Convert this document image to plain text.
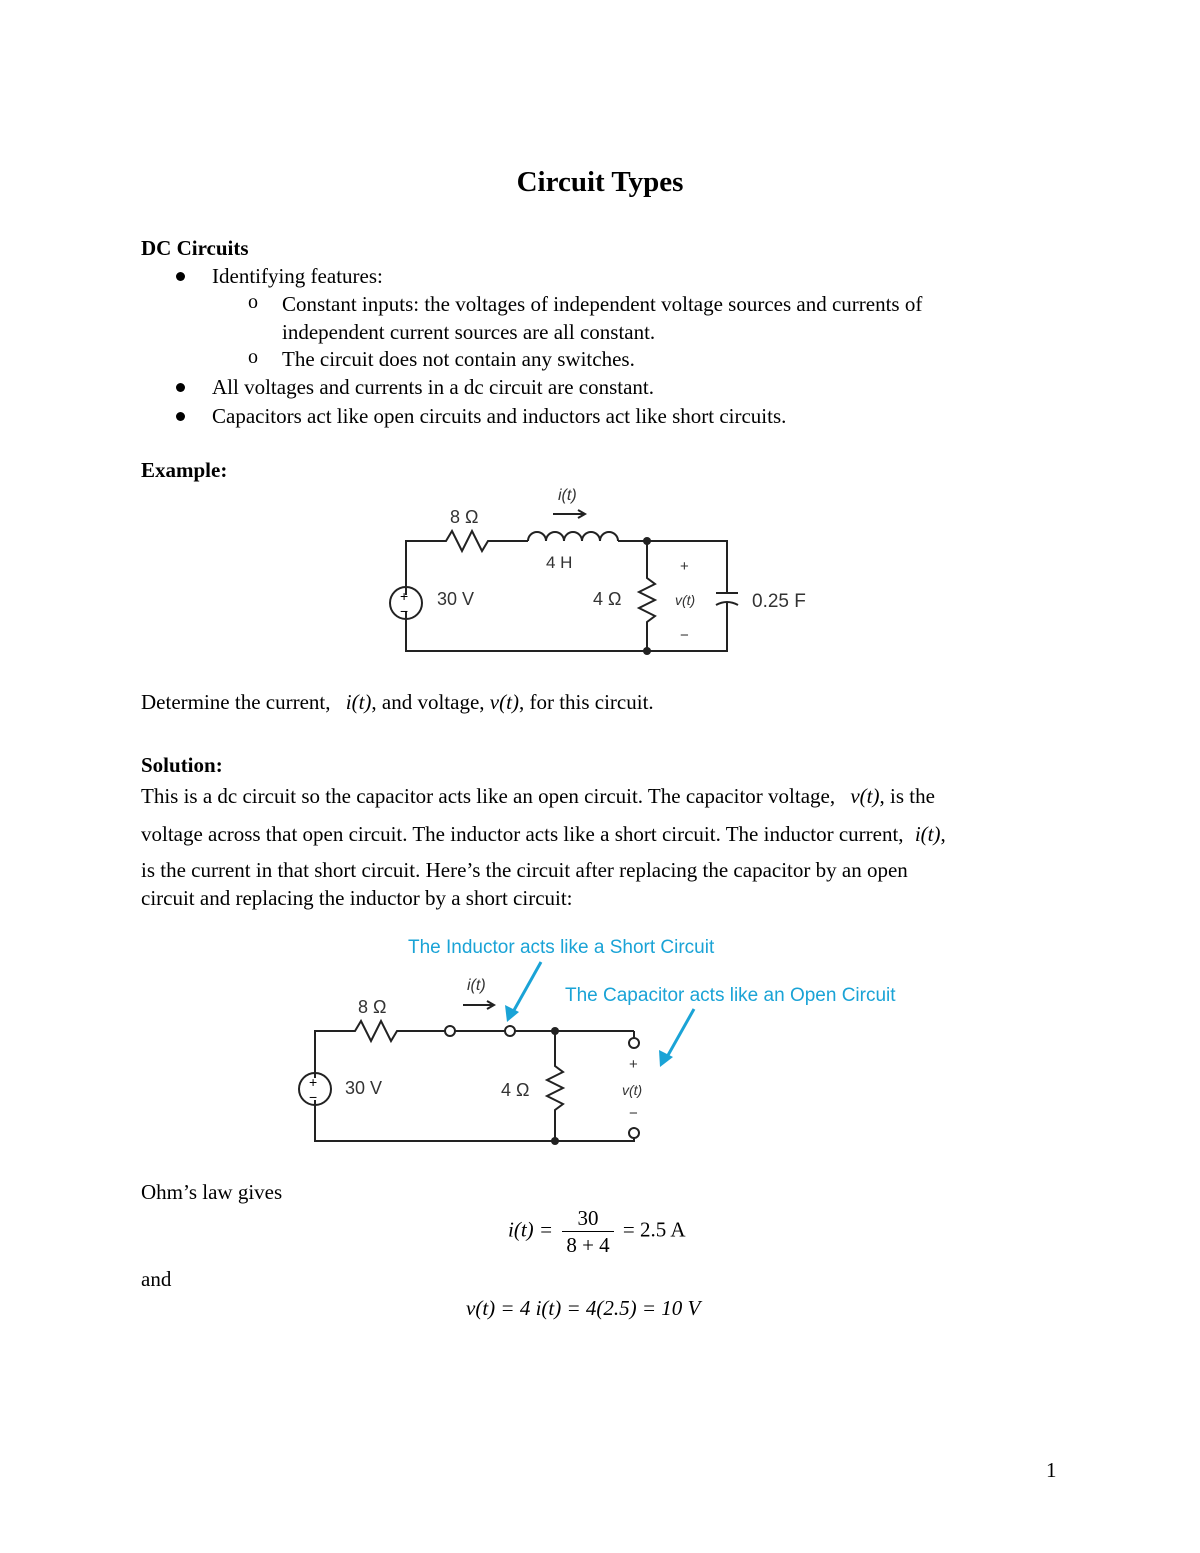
Circuit Types
DC Circuits
Identifying features:
o Constant inputs: the voltages of independent voltage sources and currents of
independent current sources are all constant.
o The circuit does not contain any switches.
All voltages and currents in a dc circuit are constant.
Capacitors act like open circuits and inductors act like short circuits.
Example:
+
−
8 Ω
i(t)
4 H
30 V	4 Ω
+
v(t)
−
0.25 F
Determine the current, i(t), and voltage, v(t), for this circuit.
Solution:
This is a dc circuit so the capacitor acts like an open circuit. The capacitor voltage, v(t), is the
voltage across that open circuit. The inductor acts like a short circuit. The inductor current, i(t),
is the current in that short circuit. Here’s the circuit after replacing the capacitor by an open
circuit and replacing the inductor by a short circuit:
The Inductor acts like a Short Circuit
The Capacitor acts like an Open Circuit
+
−
8 Ω
i(t)
30 V	4 Ω
+
v(t)
−
Ohm’s law gives
$i(t) = \frac{30}{8 + 4} = 2.5$ A
and
v(t) = 4 i(t) = 4(2.5) = 10 V
1
